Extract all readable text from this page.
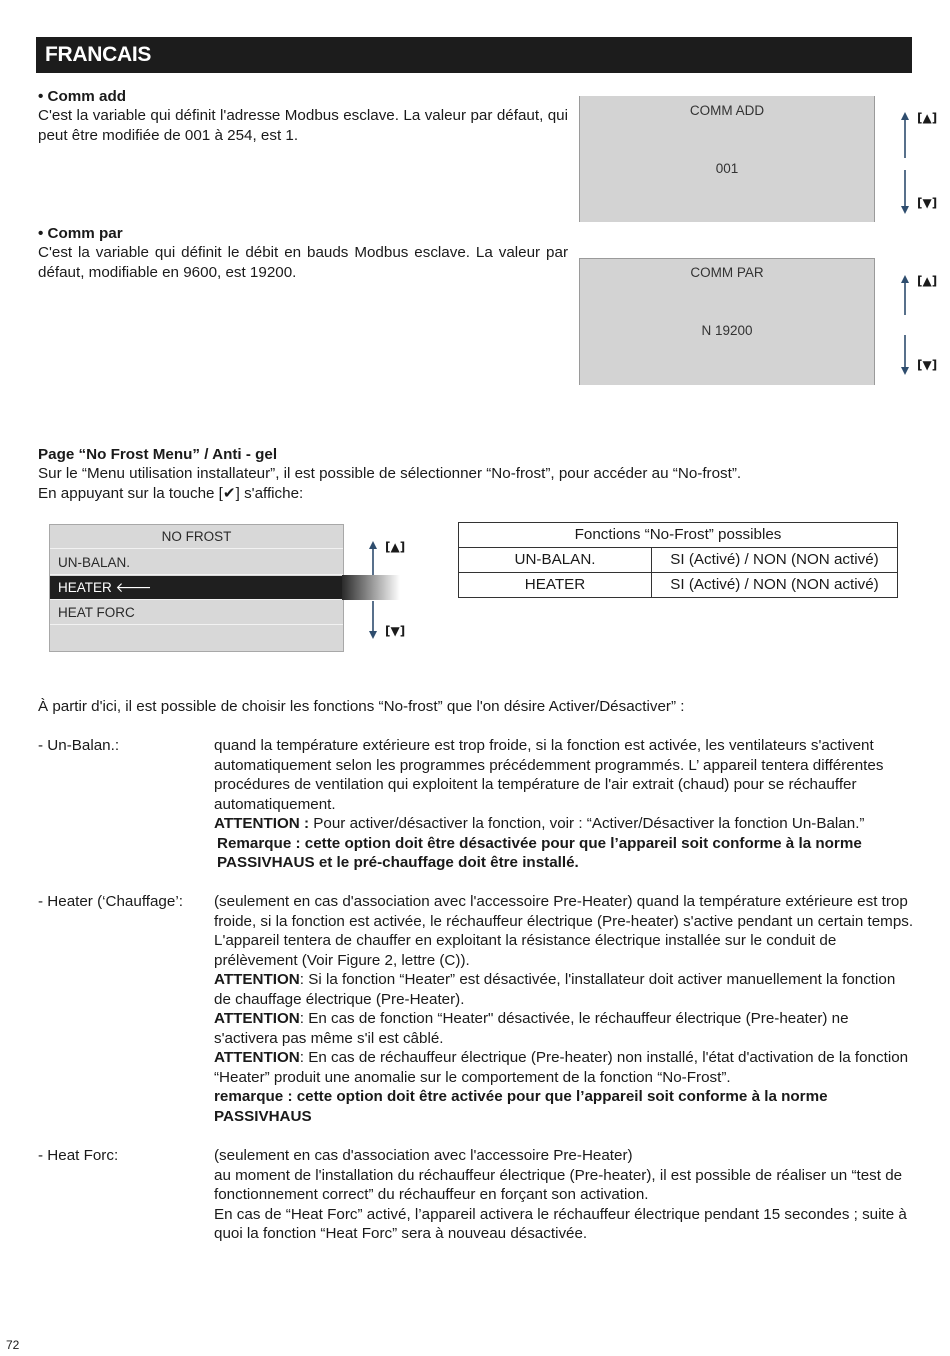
FRANCAIS
• Comm add
C'est la variable qui définit l'adresse Modbus esclave. La valeur par défaut, qui peut être modifiée de 001 à 254, est 1.
COMM ADD
001
[▲]
[▼]
• Comm par
C'est la variable qui définit le débit en bauds Modbus esclave. La valeur par défaut, modifiable en 9600, est 19200.	COMM PAR
N 19200
[▲]
[▼]
Page “No Frost Menu” / Anti - gel
Sur le “Menu utilisation installateur”, il est possible de sélectionner “No-frost”, pour accéder au “No-frost”.
En appuyant sur la touche [✔] s'affiche:
NO FROST
UN-BALAN.
HEATER 🡐
HEAT FORC
[▲]
[▼]
Fonctions “No-Frost” possibles	
UN-BALAN.	SI (Activé) / NON (NON activé)
HEATER	SI (Activé) / NON (NON activé)
À partir d'ici, il est possible de choisir les fonctions “No-frost” que l'on désire Activer/Désactiver” :
- Un-Balan.:	quand la température extérieure est trop froide, si la fonction est activée, les ventilateurs s'activent automatiquement selon les programmes précédemment programmés. L’ appareil tentera différentes procédures de ventilation qui exploitent la température de l'air extrait (chaud) pour se réchauffer automatiquement.
ATTENTION : Pour activer/désactiver la fonction, voir : “Activer/Désactiver la fonction Un-Balan.”
Remarque : cette option doit être désactivée pour que l’appareil soit conforme à la norme PASSIVHAUS et le pré-chauffage doit être installé.
- Heater (‘Chauffage’:	(seulement en cas d'association avec l'accessoire Pre-Heater) quand la température extérieure est trop froide, si la fonction est activée, le réchauffeur électrique (Pre-heater) s'active pendant un certain temps. L'appareil tentera de chauffer en exploitant la résistance électrique installée sur le conduit de prélèvement (Voir Figure 2, lettre (C)).
ATTENTION: Si la fonction “Heater” est désactivée, l'installateur doit activer manuellement la fonction de chauffage électrique (Pre-Heater).
ATTENTION: En cas de fonction “Heater" désactivée, le réchauffeur électrique (Pre-heater) ne s'activera pas même s'il est câblé.
ATTENTION: En cas de réchauffeur électrique (Pre-heater) non installé, l'état d'activation de la fonction “Heater” produit une anomalie sur le comportement de la fonction “No-Frost”.
remarque : cette option doit être activée pour que l’appareil soit conforme à la norme PASSIVHAUS
- Heat Forc:	(seulement en cas d'association avec l'accessoire Pre-Heater)
au moment de l'installation du réchauffeur électrique (Pre-heater), il est possible de réaliser un “test de fonctionnement correct” du réchauffeur en forçant son activation.
En cas de “Heat Forc” activé, l’appareil activera le réchauffeur électrique pendant 15 secondes ; suite à quoi la fonction “Heat Forc” sera à nouveau désactivée.
72
